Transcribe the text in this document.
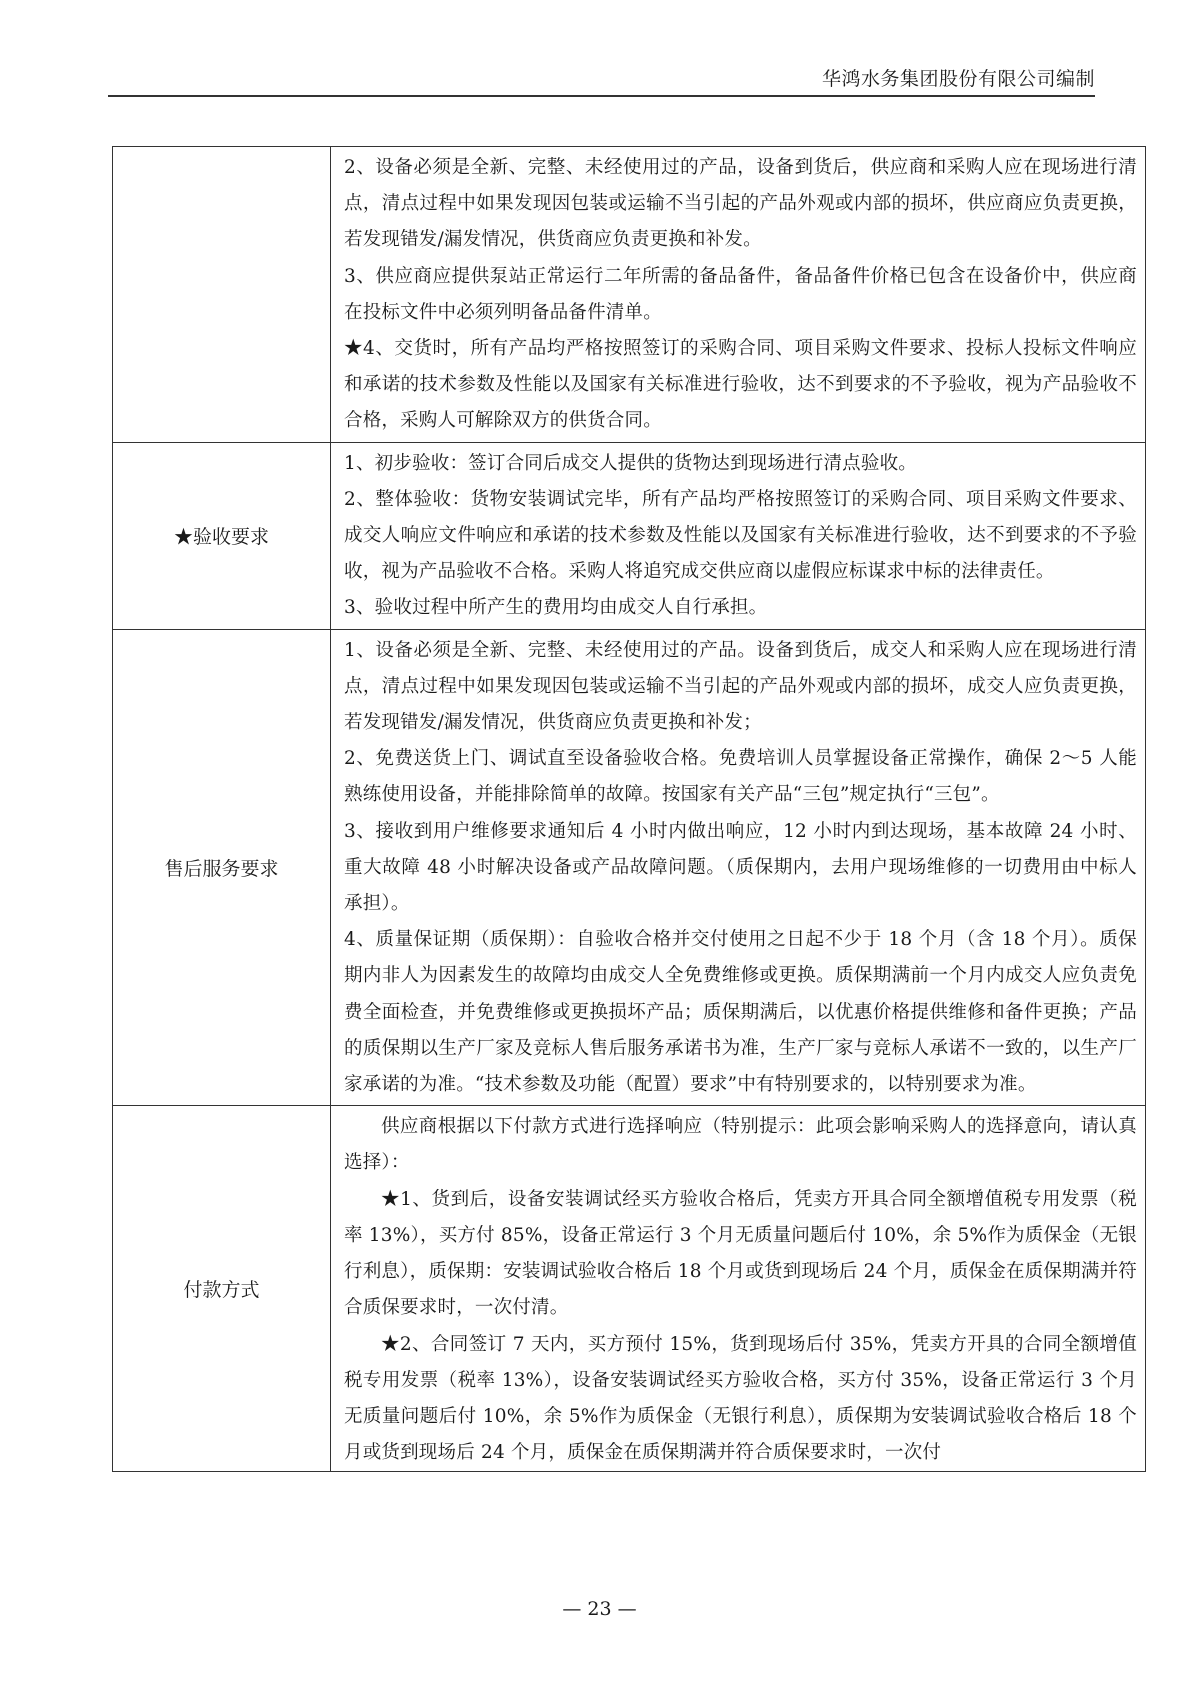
华鸿水务集团股份有限公司编制

	2、设备必须是全新、完整、未经使用过的产品，设备到货后，供应商和采购人应在现场进行清点，清点过程中如果发现因包装或运输不当引起的产品外观或内部的损坏，供应商应负责更换，若发现错发/漏发情况，供货商应负责更换和补发。

3、供应商应提供泵站正常运行二年所需的备品备件，备品备件价格已包含在设备价中，供应商在投标文件中必须列明备品备件清单。

★4、交货时，所有产品均严格按照签订的采购合同、项目采购文件要求、投标人投标文件响应和承诺的技术参数及性能以及国家有关标准进行验收，达不到要求的不予验收，视为产品验收不合格，采购人可解除双方的供货合同。

★验收要求	1、初步验收：签订合同后成交人提供的货物达到现场进行清点验收。

2、整体验收：货物安装调试完毕，所有产品均严格按照签订的采购合同、项目采购文件要求、成交人响应文件响应和承诺的技术参数及性能以及国家有关标准进行验收，达不到要求的不予验收，视为产品验收不合格。采购人将追究成交供应商以虚假应标谋求中标的法律责任。

3、验收过程中所产生的费用均由成交人自行承担。

售后服务要求	1、设备必须是全新、完整、未经使用过的产品。设备到货后，成交人和采购人应在现场进行清点，清点过程中如果发现因包装或运输不当引起的产品外观或内部的损坏，成交人应负责更换，若发现错发/漏发情况，供货商应负责更换和补发；

2、免费送货上门、调试直至设备验收合格。免费培训人员掌握设备正常操作，确保 2～5 人能熟练使用设备，并能排除简单的故障。按国家有关产品“三包”规定执行“三包”。

3、接收到用户维修要求通知后 4 小时内做出响应，12 小时内到达现场，基本故障 24 小时、重大故障 48 小时解决设备或产品故障问题。（质保期内，去用户现场维修的一切费用由中标人承担）。

4、质量保证期（质保期）：自验收合格并交付使用之日起不少于 18 个月（含 18 个月）。质保期内非人为因素发生的故障均由成交人全免费维修或更换。质保期满前一个月内成交人应负责免费全面检查，并免费维修或更换损坏产品；质保期满后，以优惠价格提供维修和备件更换；产品的质保期以生产厂家及竞标人售后服务承诺书为准，生产厂家与竞标人承诺不一致的，以生产厂家承诺的为准。“技术参数及功能（配置）要求”中有特别要求的，以特别要求为准。

付款方式	供应商根据以下付款方式进行选择响应（特别提示：此项会影响采购人的选择意向，请认真选择）：

★1、货到后，设备安装调试经买方验收合格后，凭卖方开具合同全额增值税专用发票（税率 13%），买方付 85%，设备正常运行 3 个月无质量问题后付 10%，余 5%作为质保金（无银行利息），质保期：安装调试验收合格后 18 个月或货到现场后 24 个月，质保金在质保期满并符合质保要求时，一次付清。

★2、合同签订 7 天内，买方预付 15%，货到现场后付 35%，凭卖方开具的合同全额增值税专用发票（税率 13%），设备安装调试经买方验收合格，买方付 35%，设备正常运行 3 个月无质量问题后付 10%，余 5%作为质保金（无银行利息），质保期为安装调试验收合格后 18 个月或货到现场后 24 个月，质保金在质保期满并符合质保要求时，一次付

— 23 —
